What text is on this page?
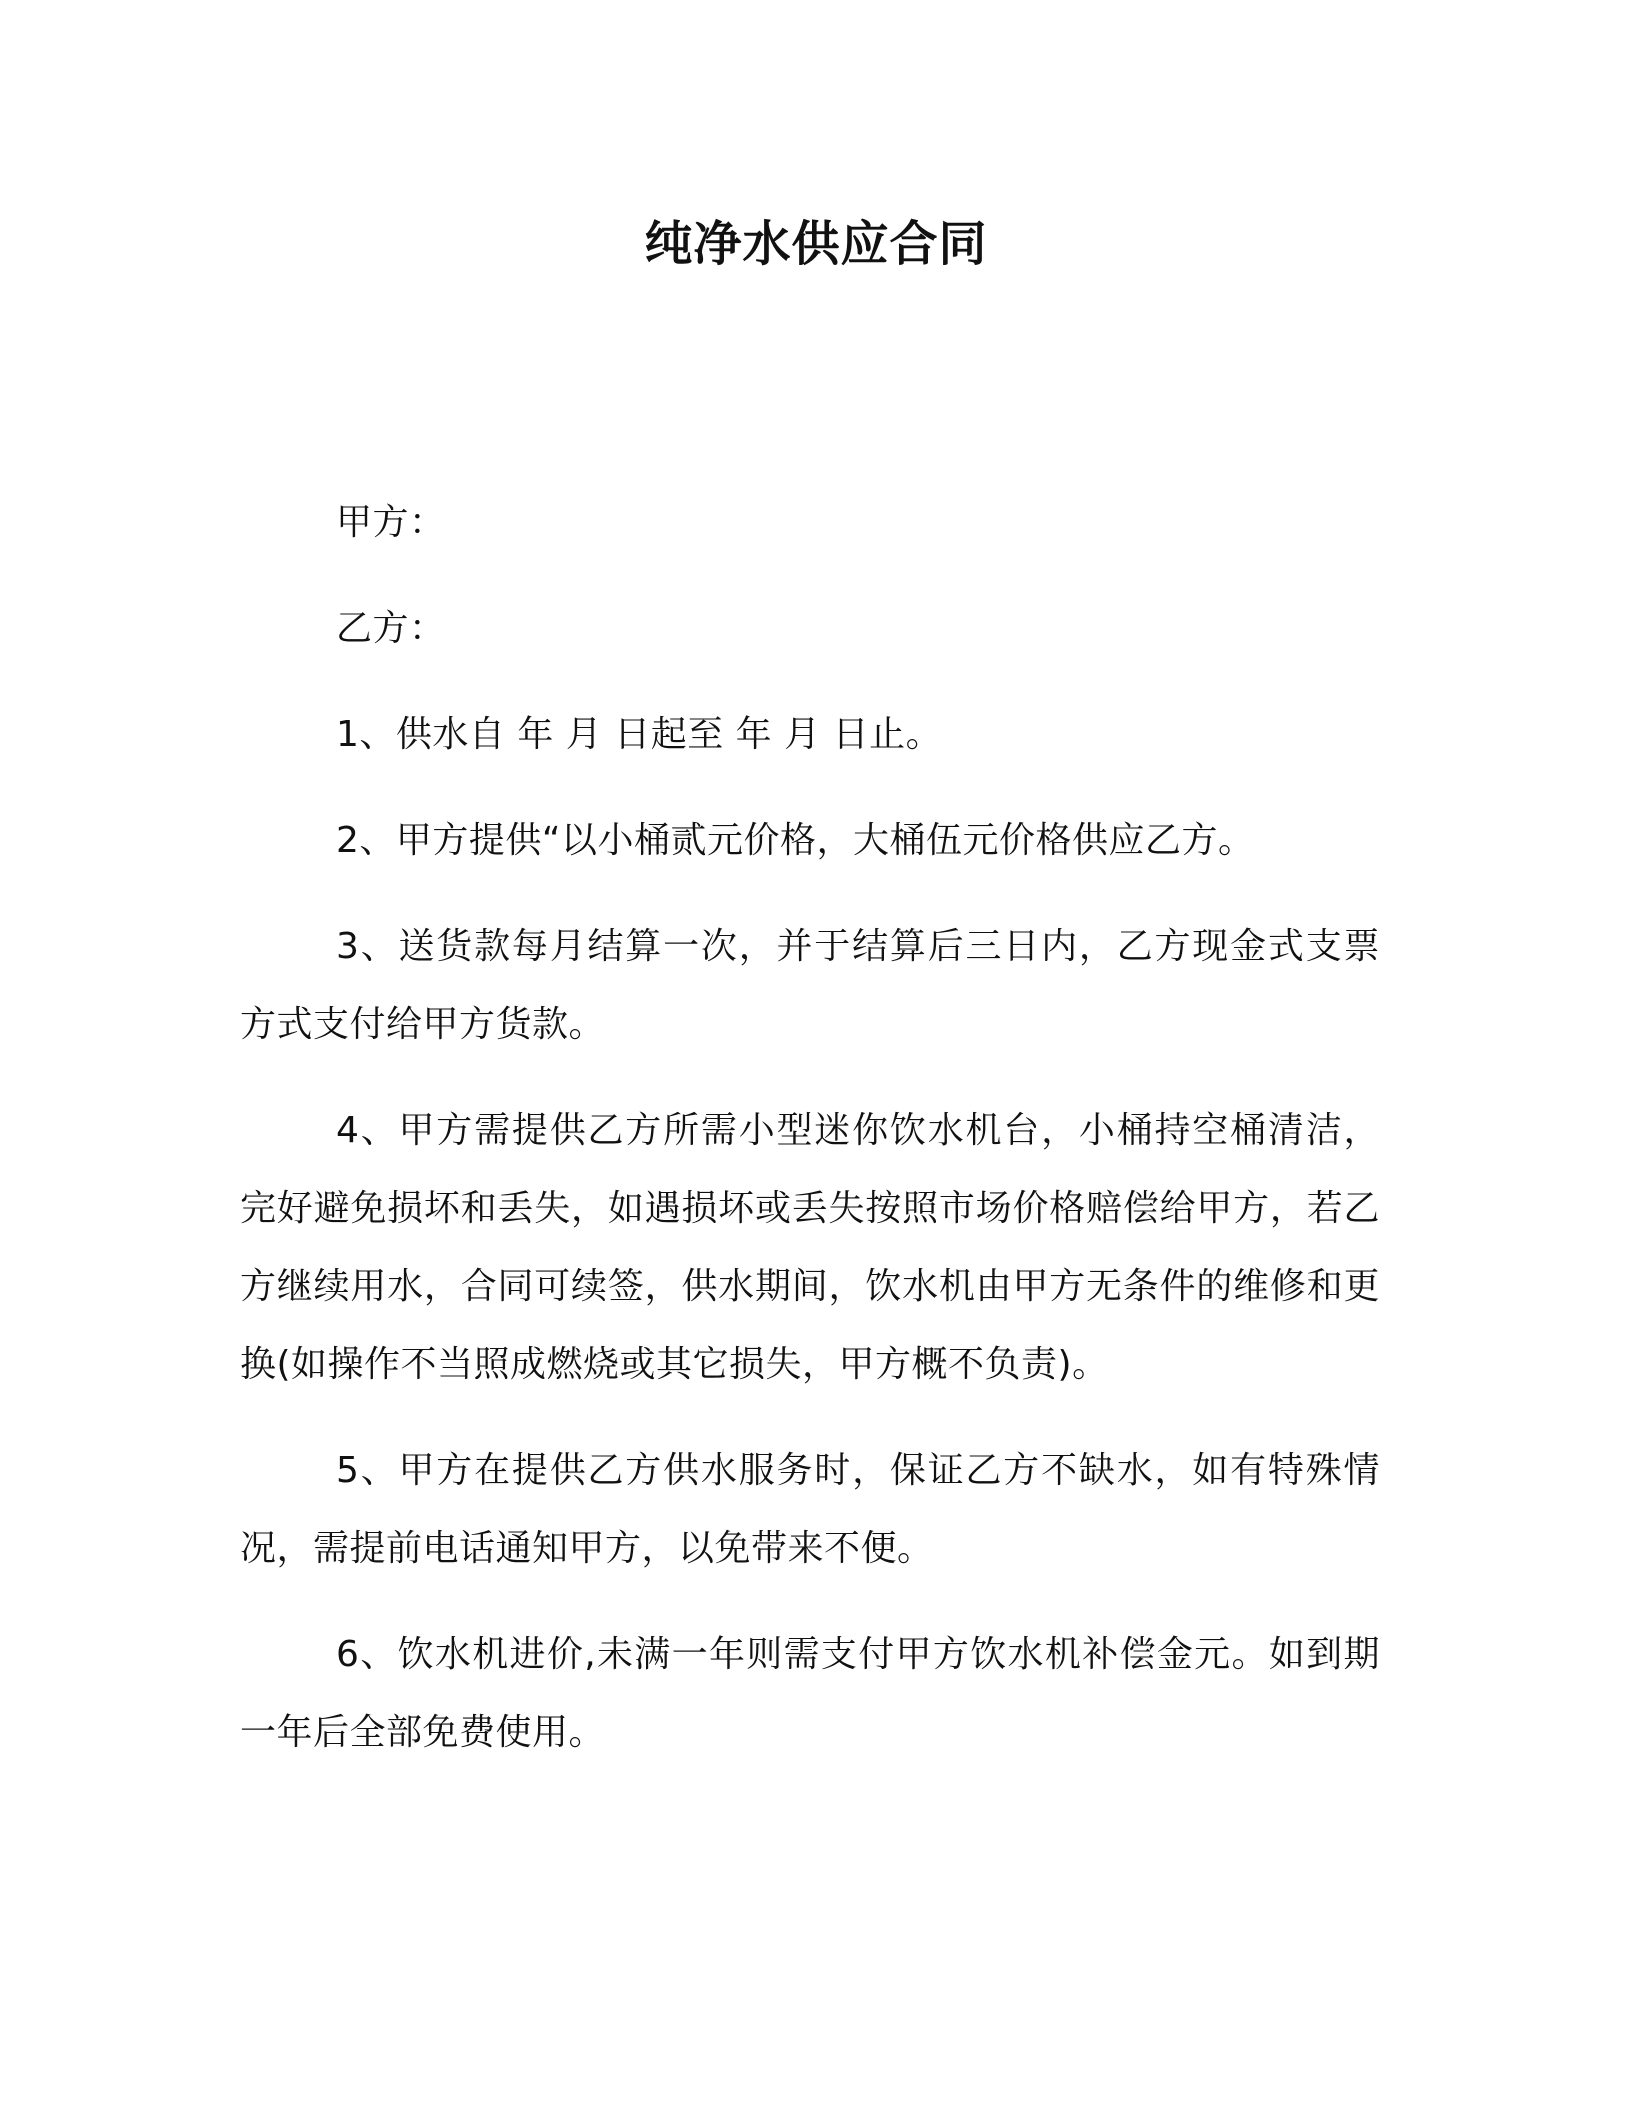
纯净水供应合同

甲方：

乙方：

1、供水自 年 月 日起至 年 月 日止。

2、甲方提供“以小桶贰元价格，大桶伍元价格供应乙方。

3、送货款每月结算一次，并于结算后三日内，乙方现金式支票方式支付给甲方货款。

4、甲方需提供乙方所需小型迷你饮水机台，小桶持空桶清洁，完好避免损坏和丢失，如遇损坏或丢失按照市场价格赔偿给甲方，若乙方继续用水，合同可续签，供水期间，饮水机由甲方无条件的维修和更换(如操作不当照成燃烧或其它损失，甲方概不负责)。

5、甲方在提供乙方供水服务时，保证乙方不缺水，如有特殊情况，需提前电话通知甲方，以免带来不便。

6、饮水机进价,未满一年则需支付甲方饮水机补偿金元。如到期一年后全部免费使用。
